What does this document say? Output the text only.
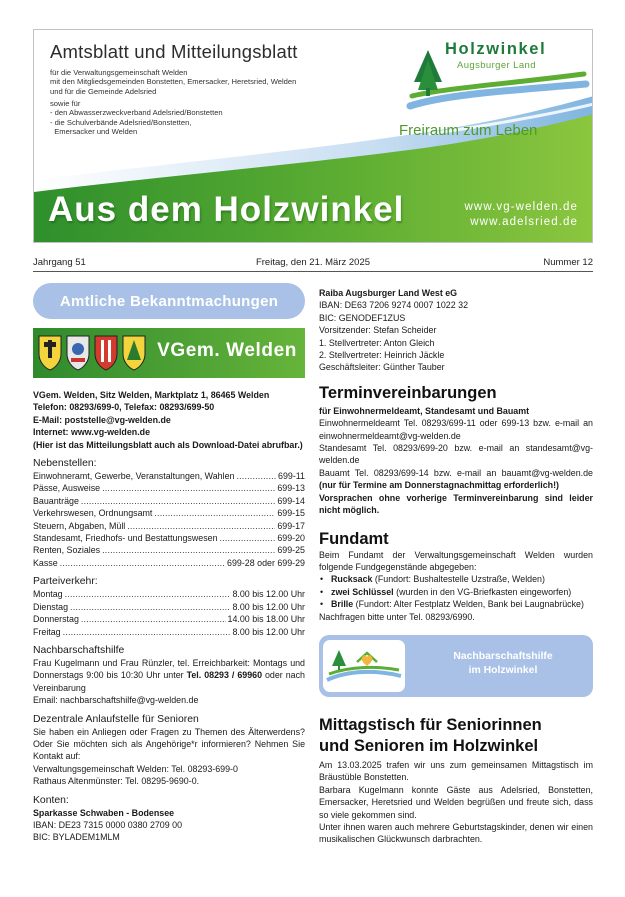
Amtsblatt und Mitteilungsblatt
für die Verwaltungsgemeinschaft Welden
mit den Mitgliedsgemeinden Bonstetten, Emersacker, Heretsried, Welden
und für die Gemeinde Adelsried
sowie für
- den Abwasserzweckverband Adelsried/Bonstetten
- die Schulverbände Adelsried/Bonstetten,
Emersacker und Welden
Holzwinkel
Augsburger Land
Freiraum zum Leben
Aus dem Holzwinkel	www.vg-welden.de
www.adelsried.de
Jahrgang 51	Freitag, den 21. März 2025	Nummer 12
Amtliche Bekanntmachungen
VGem. Welden

VGem. Welden, Sitz Welden, Marktplatz 1, 86465 Welden

Telefon: 08293/699-0, Telefax: 08293/699-50

E-Mail: poststelle@vg-welden.de

Internet: www.vg-welden.de

(Hier ist das Mitteilungsblatt auch als Download-Datei abrufbar.)

Nebenstellen:
Einwohneramt, Gewerbe, Veranstaltungen, Wahlen .....	699-11
Pässe, Ausweise .....	699-13
Bauanträge .....	699-14
Verkehrswesen, Ordnungsamt .....	699-15
Steuern, Abgaben, Müll .....	699-17
Standesamt, Friedhofs- und Bestattungswesen .....	699-20
Renten, Soziales .....	699-25
Kasse .....	699-28 oder 699-29
Parteiverkehr:
Montag .....	8.00 bis 12.00 Uhr
Dienstag .....	8.00 bis 12.00 Uhr
Donnerstag .....	14.00 bis 18.00 Uhr
Freitag .....	8.00 bis 12.00 Uhr
Nachbarschaftshilfe

Frau Kugelmann und Frau Rünzler, tel. Erreichbarkeit: Montags und Donnerstags 9:00 bis 10:30 Uhr unter Tel. 08293 / 69960 oder nach Vereinbarung

Email: nachbarschaftshilfe@vg-welden.de

Dezentrale Anlaufstelle für Senioren

Sie haben ein Anliegen oder Fragen zu Themen des Älterwerdens? Oder Sie möchten sich als Angehörige*r informieren? Nehmen Sie Kontakt auf:

Verwaltungsgemeinschaft Welden: Tel. 08293-699-0

Rathaus Altenmünster: Tel. 08295-9690-0.

Konten:

Sparkasse Schwaben - Bodensee

IBAN: DE23 7315 0000 0380 2709 00

BIC: BYLADEM1MLM

Raiba Augsburger Land West eG

IBAN: DE63 7206 9274 0007 1022 32

BIC: GENODEF1ZUS

Vorsitzender: Stefan Scheider

1. Stellvertreter: Anton Gleich

2. Stellvertreter: Heinrich Jäckle

Geschäftsleiter: Günther Tauber

Terminvereinbarungen

für Einwohnermeldeamt, Standesamt und Bauamt

Einwohnermeldeamt Tel. 08293/699-11 oder 699-13 bzw. e-mail an einwohnermeldeamt@vg-welden.de

Standesamt Tel. 08293/699-20 bzw. e-mail an standesamt@vg-welden.de

Bauamt Tel. 08293/699-14 bzw. e-mail an bauamt@vg-welden.de (nur für Termine am Donnerstagnachmittag erforderlich!)

Vorsprachen ohne vorherige Terminvereinbarung sind leider nicht möglich.

Fundamt

Beim Fundamt der Verwaltungsgemeinschaft Welden wurden folgende Fundgegenstände abgegeben:

• Rucksack (Fundort: Bushaltestelle Uzstraße, Welden)
• zwei Schlüssel (wurden in den VG-Briefkasten eingeworfen)
• Brille (Fundort: Alter Festplatz Welden, Bank bei Laugnabrücke)

Nachfragen bitte unter Tel. 08293/6990.

Nachbarschaftshilfe
im Holzwinkel
Mittagstisch für Seniorinnen
und Senioren im Holzwinkel

Am 13.03.2025 trafen wir uns zum gemeinsamen Mittagstisch im Bräustüble Bonstetten.

Barbara Kugelmann konnte Gäste aus Adelsried, Bonstetten, Emersacker, Heretsried und Welden begrüßen und freute sich, dass so viele gekommen sind.

Unter ihnen waren auch mehrere Geburtstagskinder, denen wir einen musikalischen Glückwunsch darbrachten.
